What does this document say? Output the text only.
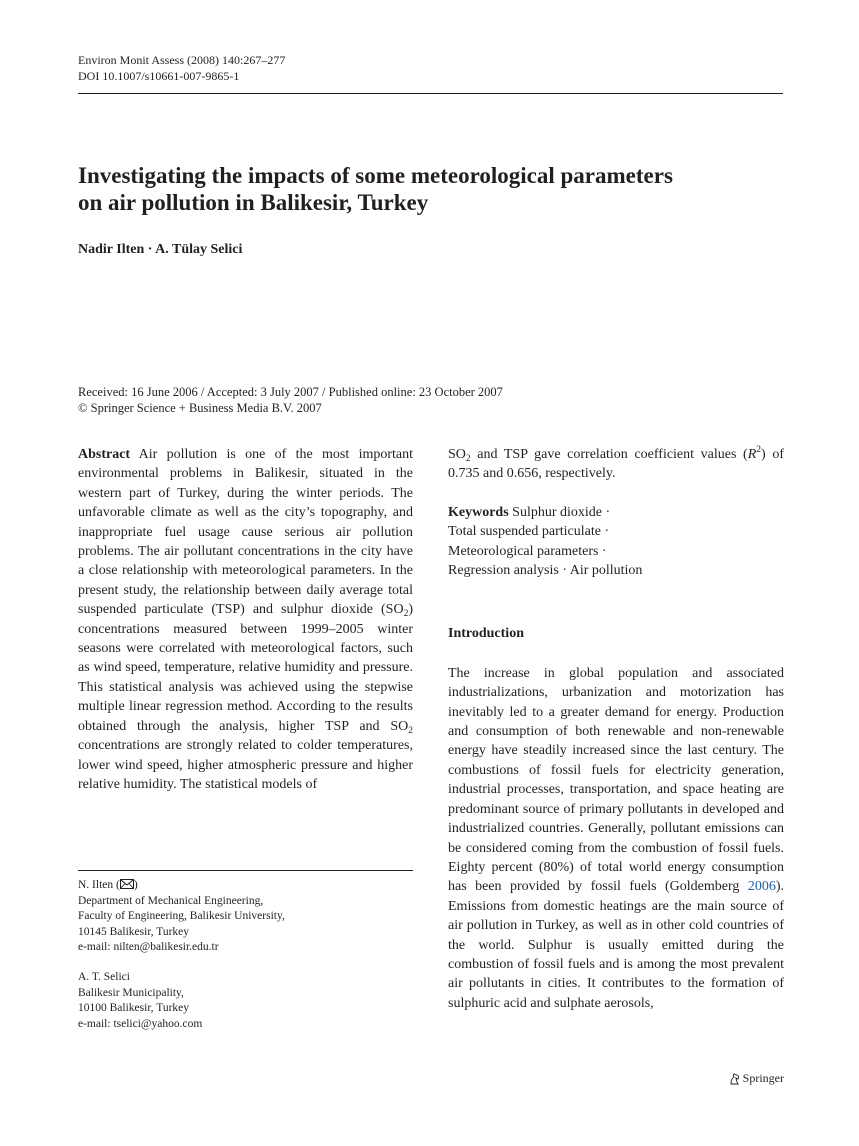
Environ Monit Assess (2008) 140:267–277
DOI 10.1007/s10661-007-9865-1
Investigating the impacts of some meteorological parameters
on air pollution in Balikesir, Turkey
Nadir Ilten · A. Tülay Selici
Received: 16 June 2006 / Accepted: 3 July 2007 / Published online: 23 October 2007
© Springer Science + Business Media B.V. 2007
Abstract Air pollution is one of the most important environmental problems in Balikesir, situated in the western part of Turkey, during the winter periods. The unfavorable climate as well as the city’s topography, and inappropriate fuel usage cause serious air pollution problems. The air pollutant concentrations in the city have a close relationship with meteorological parameters. In the present study, the relationship between daily average total suspended particulate (TSP) and sulphur dioxide $(SO_2)$ concentrations measured between 1999–2005 winter seasons were correlated with meteorological factors, such as wind speed, temperature, relative humidity and pressure. This statistical analysis was achieved using the stepwise multiple linear regression method. According to the results obtained through the analysis, higher TSP and $SO_2$ concentrations are strongly related to colder temperatures, lower wind speed, higher atmospheric pressure and higher relative humidity. The statistical models of
$SO_2$ and TSP gave correlation coefficient values $(R^2)$ of 0.735 and 0.656, respectively.
Keywords Sulphur dioxide ·
Total suspended particulate ·
Meteorological parameters ·
Regression analysis · Air pollution
Introduction
The increase in global population and associated industrializations, urbanization and motorization has inevitably led to a greater demand for energy. Production and consumption of both renewable and non-renewable energy have steadily increased since the last century. The combustions of fossil fuels for electricity generation, industrial processes, transportation, and space heating are predominant source of primary pollutants in developed and industrialized countries. Generally, pollutant emissions can be considered coming from the combustion of fossil fuels. Eighty percent (80%) of total world energy consumption has been provided by fossil fuels (Goldemberg 2006). Emissions from domestic heatings are the main source of air pollution in Turkey, as well as in other cold countries of the world. Sulphur is usually emitted during the combustion of fossil fuels and is among the most prevalent air pollutants in cities. It contributes to the formation of sulphuric acid and sulphate aerosols,
N. Ilten ( )
Department of Mechanical Engineering,
Faculty of Engineering, Balikesir University,
10145 Balikesir, Turkey
e-mail: nilten@balikesir.edu.tr
A. T. Selici
Balikesir Municipality,
10100 Balikesir, Turkey
e-mail: tselici@yahoo.com
Springer
